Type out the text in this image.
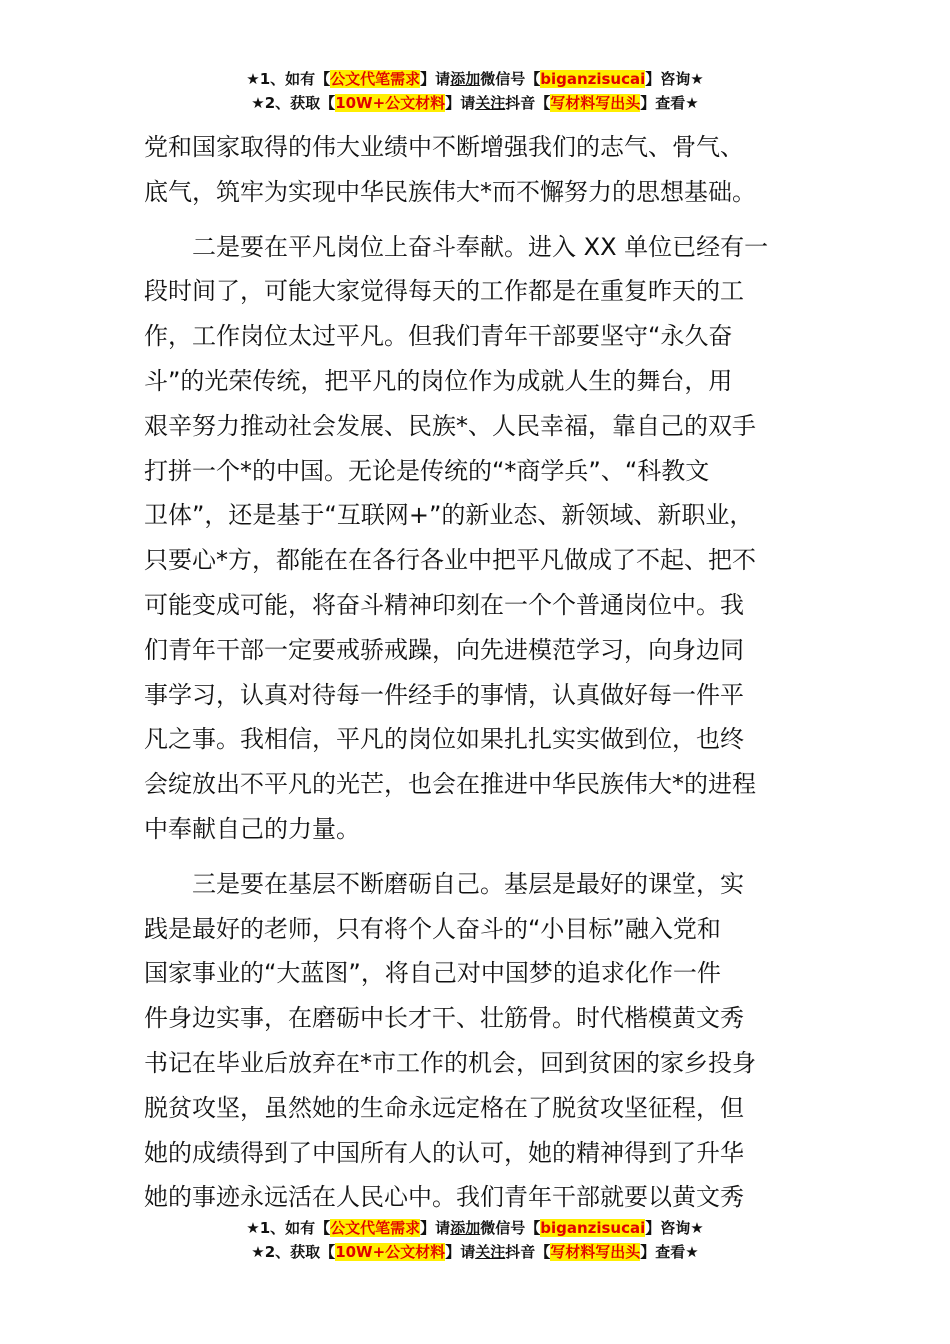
★1、如有【公文代笔需求】请添加微信号【biganzisucai】咨询★
★2、获取【10W+公文材料】请关注抖音【写材料写出头】查看★
党和国家取得的伟大业绩中不断增强我们的志气、骨气、
底气，筑牢为实现中华民族伟大*而不懈努力的思想基础。
二是要在平凡岗位上奋斗奉献。进入 XX 单位已经有一
段时间了，可能大家觉得每天的工作都是在重复昨天的工
作，工作岗位太过平凡。但我们青年干部要坚守“永久奋
斗”的光荣传统，把平凡的岗位作为成就人生的舞台，用
艰辛努力推动社会发展、民族*、人民幸福，靠自己的双手
打拼一个*的中国。无论是传统的“*商学兵”、“科教文
卫体”，还是基于“互联网+”的新业态、新领域、新职业，
只要心*方，都能在在各行各业中把平凡做成了不起、把不
可能变成可能，将奋斗精神印刻在一个个普通岗位中。我
们青年干部一定要戒骄戒躁，向先进模范学习，向身边同
事学习，认真对待每一件经手的事情，认真做好每一件平
凡之事。我相信，平凡的岗位如果扎扎实实做到位，也终
会绽放出不平凡的光芒，也会在推进中华民族伟大*的进程
中奉献自己的力量。
三是要在基层不断磨砺自己。基层是最好的课堂，实
践是最好的老师，只有将个人奋斗的“小目标”融入党和
国家事业的“大蓝图”，将自己对中国梦的追求化作一件
件身边实事，在磨砺中长才干、壮筋骨。时代楷模黄文秀
书记在毕业后放弃在*市工作的机会，回到贫困的家乡投身
脱贫攻坚，虽然她的生命永远定格在了脱贫攻坚征程，但
她的成绩得到了中国所有人的认可，她的精神得到了升华
她的事迹永远活在人民心中。我们青年干部就要以黄文秀
★1、如有【公文代笔需求】请添加微信号【biganzisucai】咨询★
★2、获取【10W+公文材料】请关注抖音【写材料写出头】查看★
